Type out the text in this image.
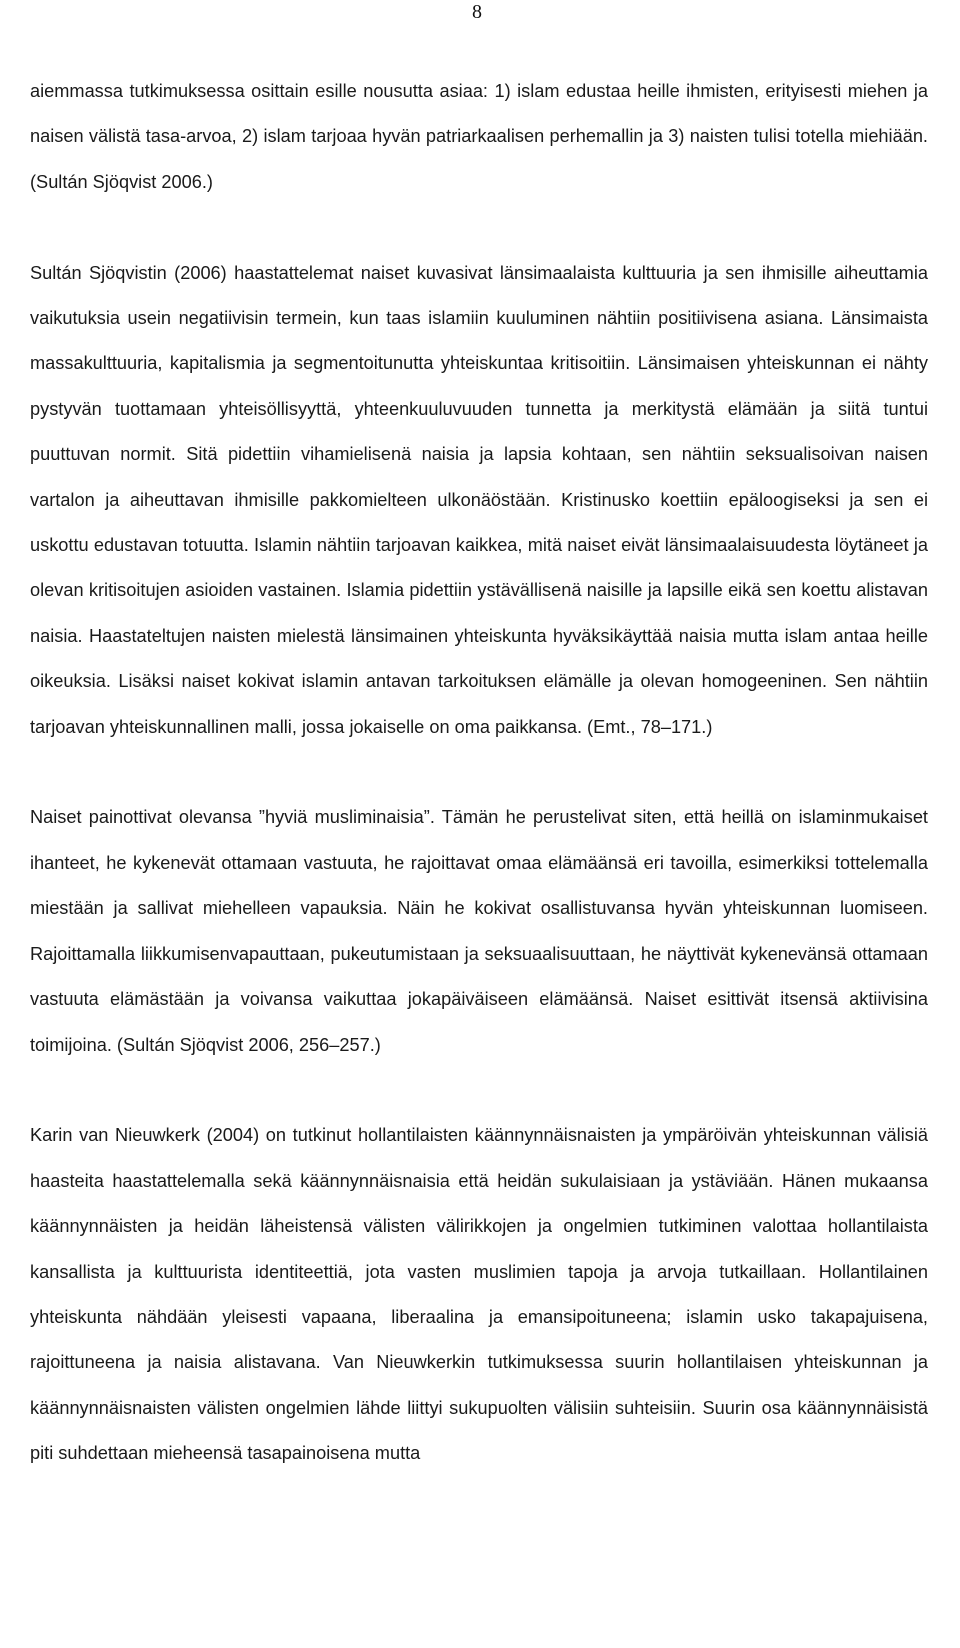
8

aiemmassa tutkimuksessa osittain esille nousutta asiaa: 1) islam edustaa heille ihmisten, erityisesti miehen ja naisen välistä tasa-arvoa, 2) islam tarjoaa hyvän patriarkaalisen perhemallin ja 3) naisten tulisi totella miehiään. (Sultán Sjöqvist 2006.)

Sultán Sjöqvistin (2006) haastattelemat naiset kuvasivat länsimaalaista kulttuuria ja sen ihmisille aiheuttamia vaikutuksia usein negatiivisin termein, kun taas islamiin kuuluminen nähtiin positiivisena asiana. Länsimaista massakulttuuria, kapitalismia ja segmentoitunutta yhteiskuntaa kritisoitiin. Länsimaisen yhteiskunnan ei nähty pystyvän tuottamaan yhteisöllisyyttä, yhteenkuuluvuuden tunnetta ja merkitystä elämään ja siitä tuntui puuttuvan normit. Sitä pidettiin vihamielisenä naisia ja lapsia kohtaan, sen nähtiin seksualisoivan naisen vartalon ja aiheuttavan ihmisille pakkomielteen ulkonäöstään. Kristinusko koettiin epäloogiseksi ja sen ei uskottu edustavan totuutta. Islamin nähtiin tarjoavan kaikkea, mitä naiset eivät länsimaalaisuudesta löytäneet ja olevan kritisoitujen asioiden vastainen. Islamia pidettiin ystävällisenä naisille ja lapsille eikä sen koettu alistavan naisia. Haastateltujen naisten mielestä länsimainen yhteiskunta hyväksikäyttää naisia mutta islam antaa heille oikeuksia. Lisäksi naiset kokivat islamin antavan tarkoituksen elämälle ja olevan homogeeninen. Sen nähtiin tarjoavan yhteiskunnallinen malli, jossa jokaiselle on oma paikkansa. (Emt., 78–171.)

Naiset painottivat olevansa ”hyviä musliminaisia”. Tämän he perustelivat siten, että heillä on islaminmukaiset ihanteet, he kykenevät ottamaan vastuuta, he rajoittavat omaa elämäänsä eri tavoilla, esimerkiksi tottelemalla miestään ja sallivat miehelleen vapauksia. Näin he kokivat osallistuvansa hyvän yhteiskunnan luomiseen. Rajoittamalla liikkumisenvapauttaan, pukeutumistaan ja seksuaalisuuttaan, he näyttivät kykenevänsä ottamaan vastuuta elämästään ja voivansa vaikuttaa jokapäiväiseen elämäänsä. Naiset esittivät itsensä aktiivisina toimijoina. (Sultán Sjöqvist 2006, 256–257.)

Karin van Nieuwkerk (2004) on tutkinut hollantilaisten käännynnäisnaisten ja ympäröivän yhteiskunnan välisiä haasteita haastattelemalla sekä käännynnäisnaisia että heidän sukulaisiaan ja ystäviään. Hänen mukaansa käännynnäisten ja heidän läheistensä välisten välirikkojen ja ongelmien tutkiminen valottaa hollantilaista kansallista ja kulttuurista identiteettiä, jota vasten muslimien tapoja ja arvoja tutkaillaan. Hollantilainen yhteiskunta nähdään yleisesti vapaana, liberaalina ja emansipoituneena; islamin usko takapajuisena, rajoittuneena ja naisia alistavana. Van Nieuwkerkin tutkimuksessa suurin hollantilaisen yhteiskunnan ja käännynnäisnaisten välisten ongelmien lähde liittyi sukupuolten välisiin suhteisiin. Suurin osa käännynnäisistä piti suhdettaan mieheensä tasapainoisena mutta
